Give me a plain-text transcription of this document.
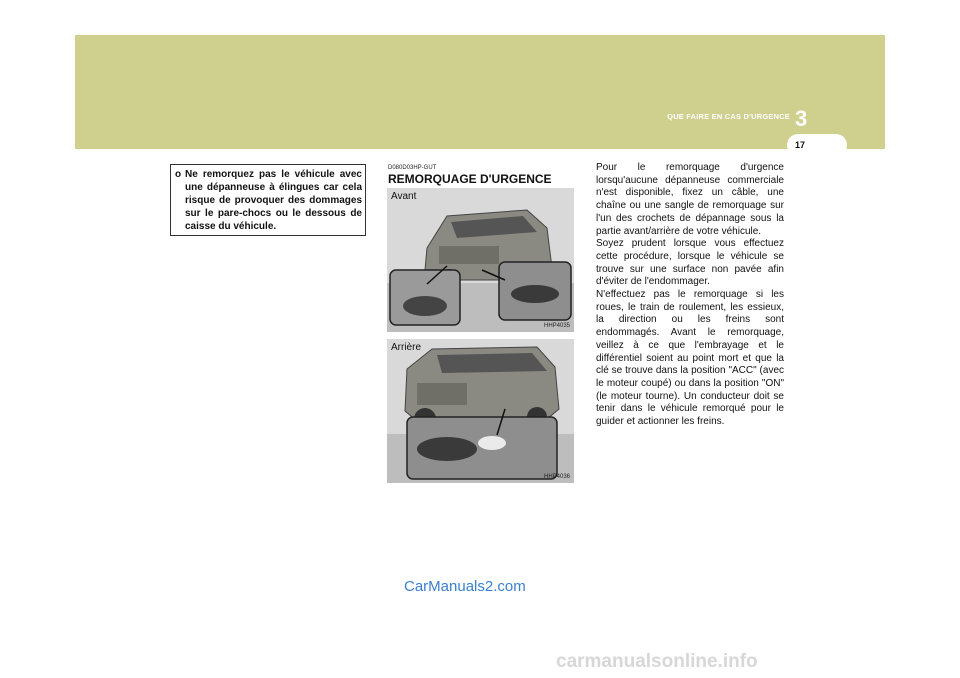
QUE FAIRE EN CAS D'URGENCE 3
17
o Ne remorquez pas le véhicule avec une dépanneuse à élingues car cela risque de provoquer des dommages sur le pare-chocs ou le dessous de caisse du véhicule.
D080D03HP-GUT
REMORQUAGE D'URGENCE
Avant
HHP4035
Arrière
HHP4036

Pour le remorquage d'urgence lorsqu'aucune dépanneuse commerciale n'est disponible, fixez un câble, une chaîne ou une sangle de remorquage sur l'un des crochets de dépannage sous la partie avant/arrière de votre véhicule.

Soyez prudent lorsque vous effectuez cette procédure, lorsque le véhicule se trouve sur une surface non pavée afin d'éviter de l'endommager.

N'effectuez pas le remorquage si les roues, le train de roulement, les essieux, la direction ou les freins sont endommagés. Avant le remorquage, veillez à ce que l'embrayage et le différentiel soient au point mort et que la clé se trouve dans la position "ACC" (avec le moteur coupé) ou dans la position "ON" (le moteur tourne). Un conducteur doit se tenir dans le véhicule remorqué pour le guider et actionner les freins.

CarManuals2.com
carmanualsonline.info
